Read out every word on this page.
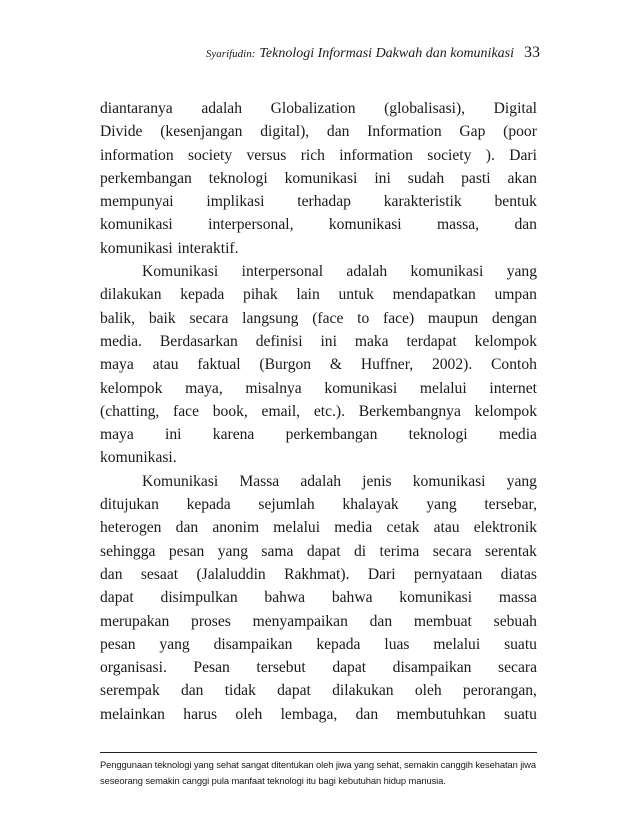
Syarifudin: Teknologi Informasi Dakwah dan komunikasi 33
diantaranya adalah Globalization (globalisasi), Digital
Divide (kesenjangan digital), dan Information Gap (poor
information society versus rich information society ). Dari
perkembangan teknologi komunikasi ini sudah pasti akan
mempunyai implikasi terhadap karakteristik bentuk
komunikasi interpersonal, komunikasi massa, dan
komunikasi interaktif.
Komunikasi interpersonal adalah komunikasi yang
dilakukan kepada pihak lain untuk mendapatkan umpan
balik, baik secara langsung (face to face) maupun dengan
media. Berdasarkan definisi ini maka terdapat kelompok
maya atau faktual (Burgon & Huffner, 2002). Contoh
kelompok maya, misalnya komunikasi melalui internet
(chatting, face book, email, etc.). Berkembangnya kelompok
maya ini karena perkembangan teknologi media
komunikasi.
Komunikasi Massa adalah jenis komunikasi yang
ditujukan kepada sejumlah khalayak yang tersebar,
heterogen dan anonim melalui media cetak atau elektronik
sehingga pesan yang sama dapat di terima secara serentak
dan sesaat (Jalaluddin Rakhmat). Dari pernyataan diatas
dapat disimpulkan bahwa bahwa komunikasi massa
merupakan proses menyampaikan dan membuat sebuah
pesan yang disampaikan kepada luas melalui suatu
organisasi. Pesan tersebut dapat disampaikan secara
serempak dan tidak dapat dilakukan oleh perorangan,
melainkan harus oleh lembaga, dan membutuhkan suatu
Penggunaan teknologi yang sehat sangat ditentukan oleh jiwa yang sehat, semakin canggih kesehatan jiwa
seseorang semakin canggi pula manfaat teknologi itu bagi kebutuhan hidup manusia.
